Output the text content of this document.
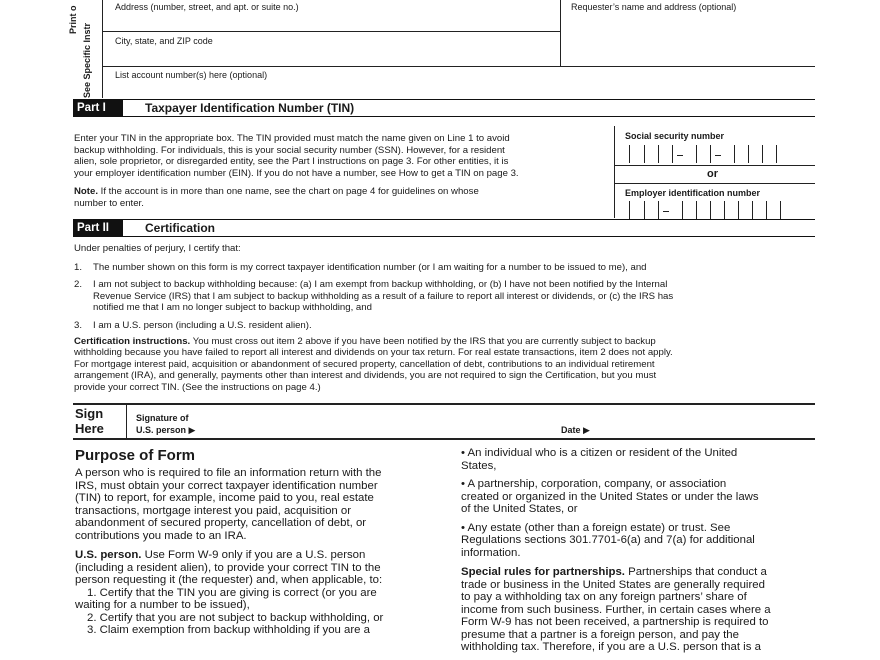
Print o
See Specific Instr
Address (number, street, and apt. or suite no.)	Requester’s name and address (optional)
City, state, and ZIP code
List account number(s) here (optional)
Part I	Taxpayer Identification Number (TIN)
Enter your TIN in the appropriate box. The TIN provided must match the name given on Line 1 to avoid
backup withholding. For individuals, this is your social security number (SSN). However, for a resident
alien, sole proprietor, or disregarded entity, see the Part I instructions on page 3. For other entities, it is
your employer identification number (EIN). If you do not have a number, see How to get a TIN on page 3.
Note. If the account is in more than one name, see the chart on page 4 for guidelines on whose
number to enter.
Social security number
or
Employer identification number
Part II	Certification
Under penalties of perjury, I certify that:
1.	The number shown on this form is my correct taxpayer identification number (or I am waiting for a number to be issued to me), and
2.	I am not subject to backup withholding because: (a) I am exempt from backup withholding, or (b) I have not been notified by the Internal
Revenue Service (IRS) that I am subject to backup withholding as a result of a failure to report all interest or dividends, or (c) the IRS has
notified me that I am no longer subject to backup withholding, and
3.	I am a U.S. person (including a U.S. resident alien).
Certification instructions. You must cross out item 2 above if you have been notified by the IRS that you are currently subject to backup
withholding because you have failed to report all interest and dividends on your tax return. For real estate transactions, item 2 does not apply.
For mortgage interest paid, acquisition or abandonment of secured property, cancellation of debt, contributions to an individual retirement
arrangement (IRA), and generally, payments other than interest and dividends, you are not required to sign the Certification, but you must
provide your correct TIN. (See the instructions on page 4.)
Sign
Here
Signature of
U.S. person ▶	Date ▶
Purpose of Form
A person who is required to file an information return with the
IRS, must obtain your correct taxpayer identification number
(TIN) to report, for example, income paid to you, real estate
transactions, mortgage interest you paid, acquisition or
abandonment of secured property, cancellation of debt, or
contributions you made to an IRA.
U.S. person. Use Form W-9 only if you are a U.S. person
(including a resident alien), to provide your correct TIN to the
person requesting it (the requester) and, when applicable, to:
1. Certify that the TIN you are giving is correct (or you are
waiting for a number to be issued),
2. Certify that you are not subject to backup withholding, or
3. Claim exemption from backup withholding if you are a
• An individual who is a citizen or resident of the United
States,
• A partnership, corporation, company, or association
created or organized in the United States or under the laws
of the United States, or
• Any estate (other than a foreign estate) or trust. See
Regulations sections 301.7701-6(a) and 7(a) for additional
information.
Special rules for partnerships. Partnerships that conduct a
trade or business in the United States are generally required
to pay a withholding tax on any foreign partners’ share of
income from such business. Further, in certain cases where a
Form W-9 has not been received, a partnership is required to
presume that a partner is a foreign person, and pay the
withholding tax. Therefore, if you are a U.S. person that is a
